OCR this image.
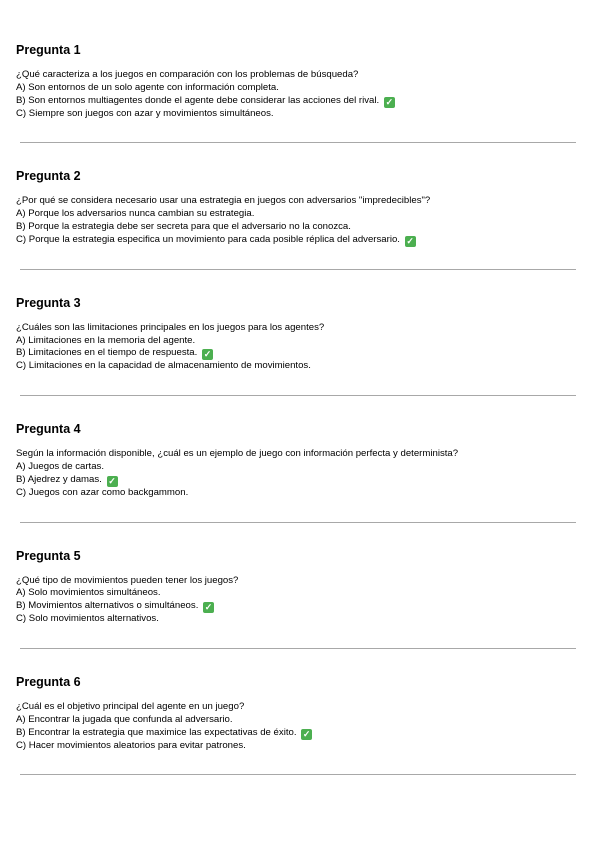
Pregunta 1
¿Qué caracteriza a los juegos en comparación con los problemas de búsqueda?
A) Son entornos de un solo agente con información completa.
B) Son entornos multiagentes donde el agente debe considerar las acciones del rival. ✓
C) Siempre son juegos con azar y movimientos simultáneos.
Pregunta 2
¿Por qué se considera necesario usar una estrategia en juegos con adversarios "impredecibles"?
A) Porque los adversarios nunca cambian su estrategia.
B) Porque la estrategia debe ser secreta para que el adversario no la conozca.
C) Porque la estrategia especifica un movimiento para cada posible réplica del adversario. ✓
Pregunta 3
¿Cuáles son las limitaciones principales en los juegos para los agentes?
A) Limitaciones en la memoria del agente.
B) Limitaciones en el tiempo de respuesta. ✓
C) Limitaciones en la capacidad de almacenamiento de movimientos.
Pregunta 4
Según la información disponible, ¿cuál es un ejemplo de juego con información perfecta y determinista?
A) Juegos de cartas.
B) Ajedrez y damas. ✓
C) Juegos con azar como backgammon.
Pregunta 5
¿Qué tipo de movimientos pueden tener los juegos?
A) Solo movimientos simultáneos.
B) Movimientos alternativos o simultáneos. ✓
C) Solo movimientos alternativos.
Pregunta 6
¿Cuál es el objetivo principal del agente en un juego?
A) Encontrar la jugada que confunda al adversario.
B) Encontrar la estrategia que maximice las expectativas de éxito. ✓
C) Hacer movimientos aleatorios para evitar patrones.
